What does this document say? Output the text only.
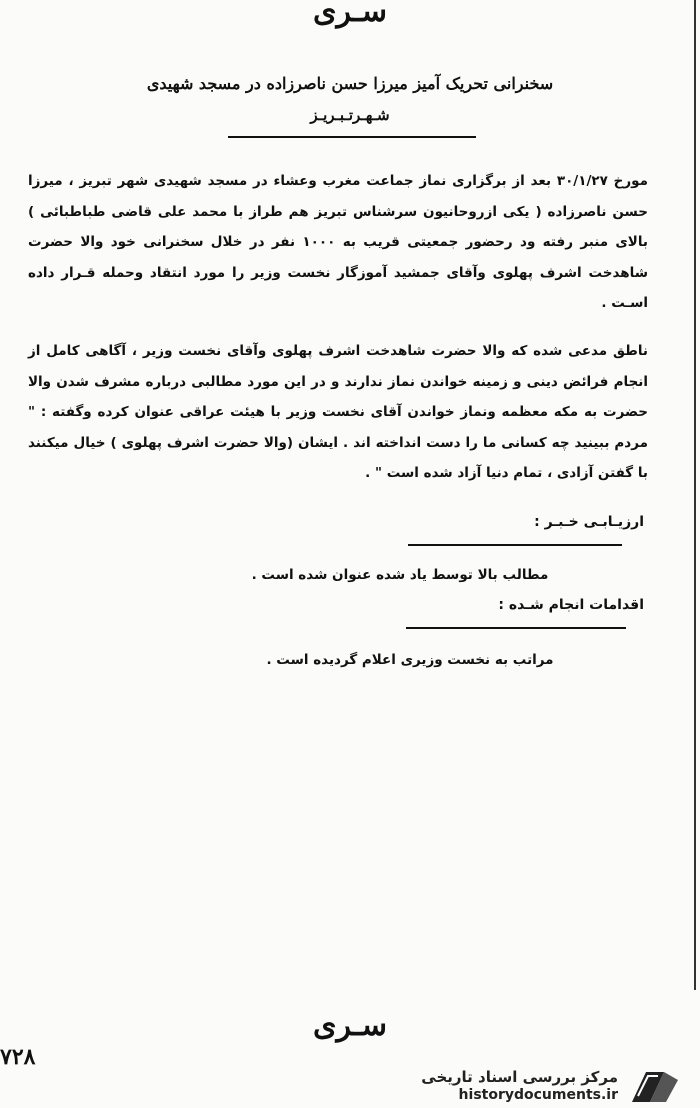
سـری
سخنرانی تحریک آمیز میرزا حسن ناصرزاده در مسجد شهیدی
شـهـرتـبـریـز
مورخ ۳۰/۱/۲۷ بعد از برگزاری نماز جماعت مغرب وعشاء در مسجد شهیدی شهر تبریز ، میرزا حسن ناصرزاده ( یکی ازروحانیون سرشناس تبریز هم طراز با محمد علی قاضی طباطبائی ) بالای منبر رفته ود رحضور جمعیتی قریب به ۱۰۰۰ نفر در خلال سخنرانی خود والا حضرت شاهدخت اشرف پهلوی وآقای جمشید آموزگار نخست وزیر را مورد انتقاد وحمله قـرار داده اسـت .
ناطق مدعی شده که والا حضرت شاهدخت اشرف پهلوی وآقای نخست وزیر ، آگاهی کامل از انجام فرائض دینی و زمینه خواندن نماز ندارند و در این مورد مطالبی درباره مشرف شدن والا حضرت به مکه معظمه ونماز خواندن آقای نخست وزیر با هیئت عراقی عنوان کرده وگفته : " مردم ببینید چه کسانی ما را دست انداخته اند . ایشان (والا حضرت اشرف پهلوی ) خیال میکنند با گفتن آزادی ، تمام دنیا آزاد شده است " .
ارزیـابـی خـبـر :
مطالب بالا توسط یاد شده عنوان شده است .
اقدامات انجام شـده :
مراتب به نخست وزیری اعلام گردیده است .
سـری
۷۲۸
مرکز بررسی اسناد تاریخی
historydocuments.ir
